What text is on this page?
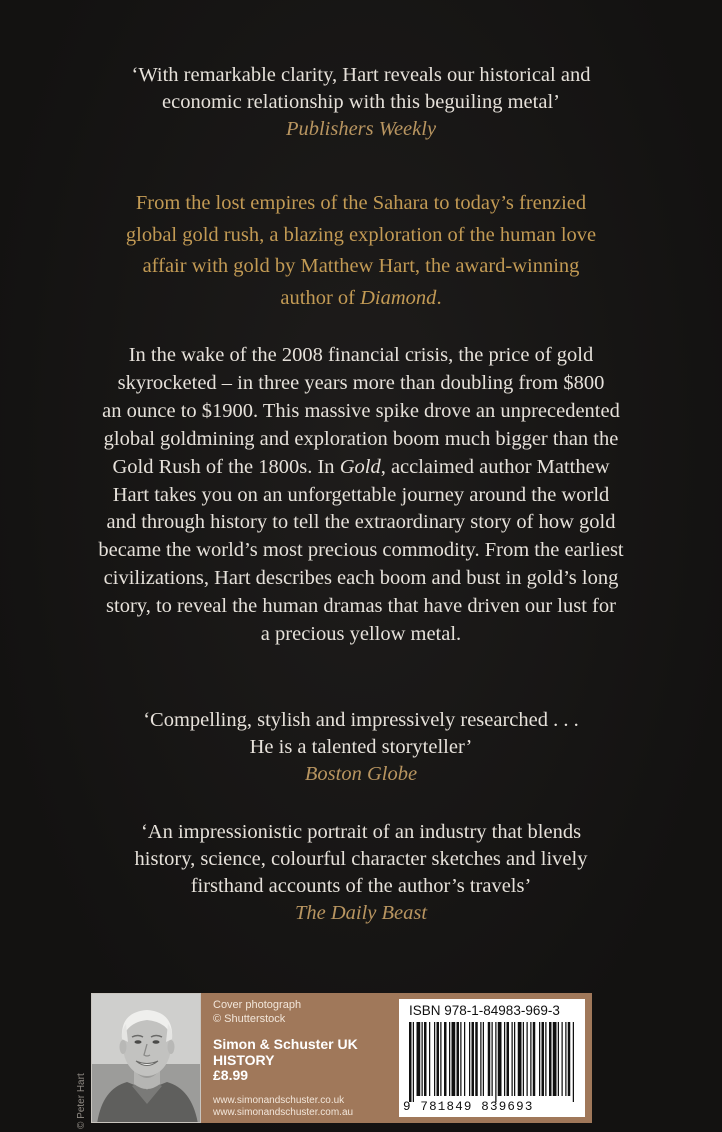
‘With remarkable clarity, Hart reveals our historical and
economic relationship with this beguiling metal’
Publishers Weekly
From the lost empires of the Sahara to today’s frenzied
global gold rush, a blazing exploration of the human love
affair with gold by Matthew Hart, the award-winning
author of Diamond.
In the wake of the 2008 financial crisis, the price of gold
skyrocketed – in three years more than doubling from $800
an ounce to $1900. This massive spike drove an unprecedented
global goldmining and exploration boom much bigger than the
Gold Rush of the 1800s. In Gold, acclaimed author Matthew
Hart takes you on an unforgettable journey around the world
and through history to tell the extraordinary story of how gold
became the world’s most precious commodity. From the earliest
civilizations, Hart describes each boom and bust in gold’s long
story, to reveal the human dramas that have driven our lust for
a precious yellow metal.
‘Compelling, stylish and impressively researched . . .
He is a talented storyteller’
Boston Globe
‘An impressionistic portrait of an industry that blends
history, science, colourful character sketches and lively
firsthand accounts of the author’s travels’
The Daily Beast
© Peter Hart
Cover photograph
© Shutterstock
Simon & Schuster UK
HISTORY
£8.99
www.simonandschuster.co.uk
www.simonandschuster.com.au
ISBN 978-1-84983-969-3
9 781849 839693
